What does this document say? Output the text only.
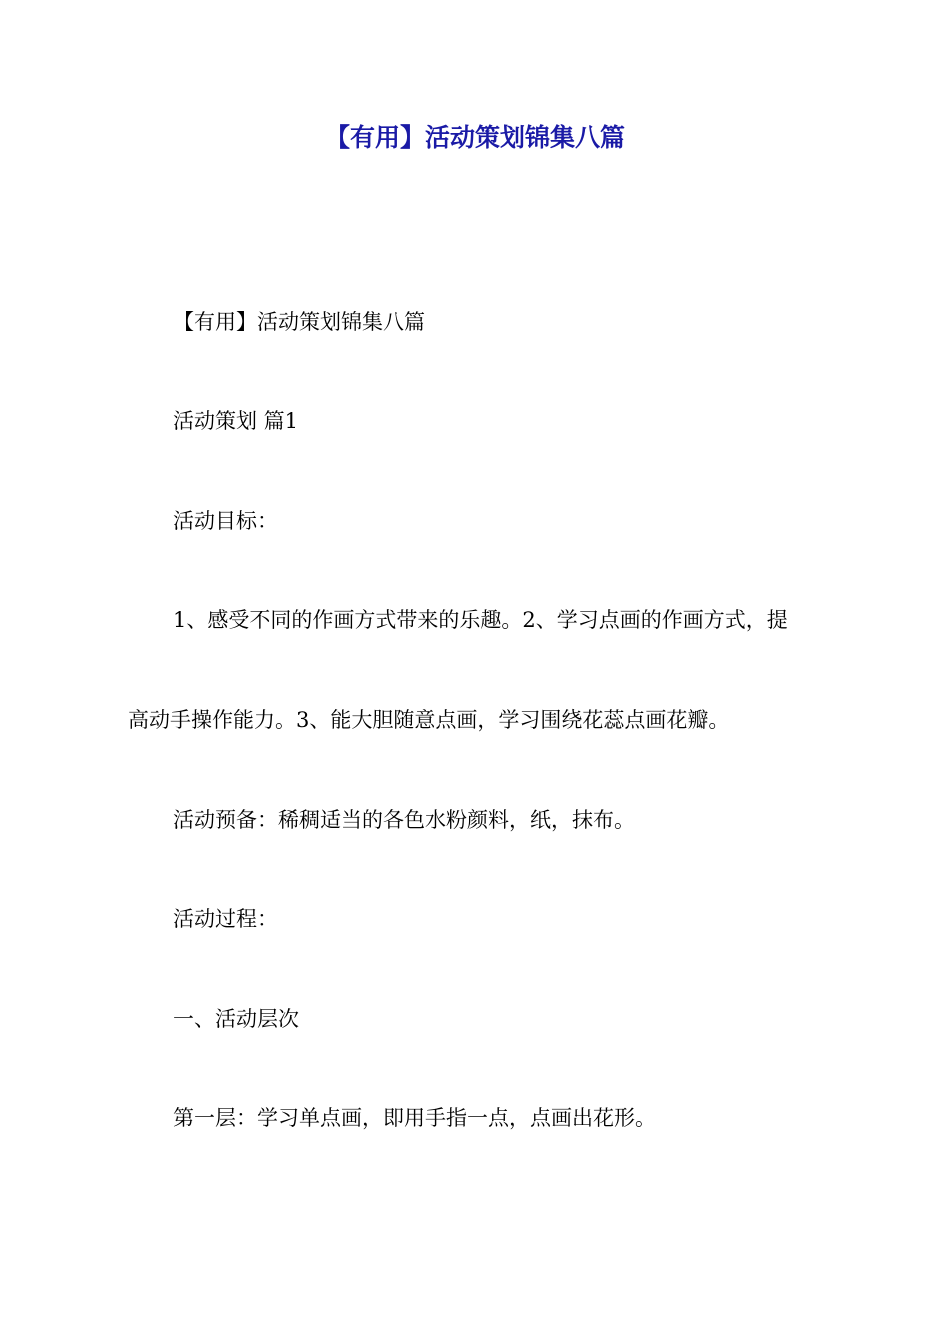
【有用】活动策划锦集八篇

【有用】活动策划锦集八篇

活动策划 篇1

活动目标：

1、感受不同的作画方式带来的乐趣。2、学习点画的作画方式，提

高动手操作能力。3、能大胆随意点画，学习围绕花蕊点画花瓣。

活动预备：稀稠适当的各色水粉颜料，纸，抹布。

活动过程：

一、活动层次

第一层：学习单点画，即用手指一点，点画出花形。
